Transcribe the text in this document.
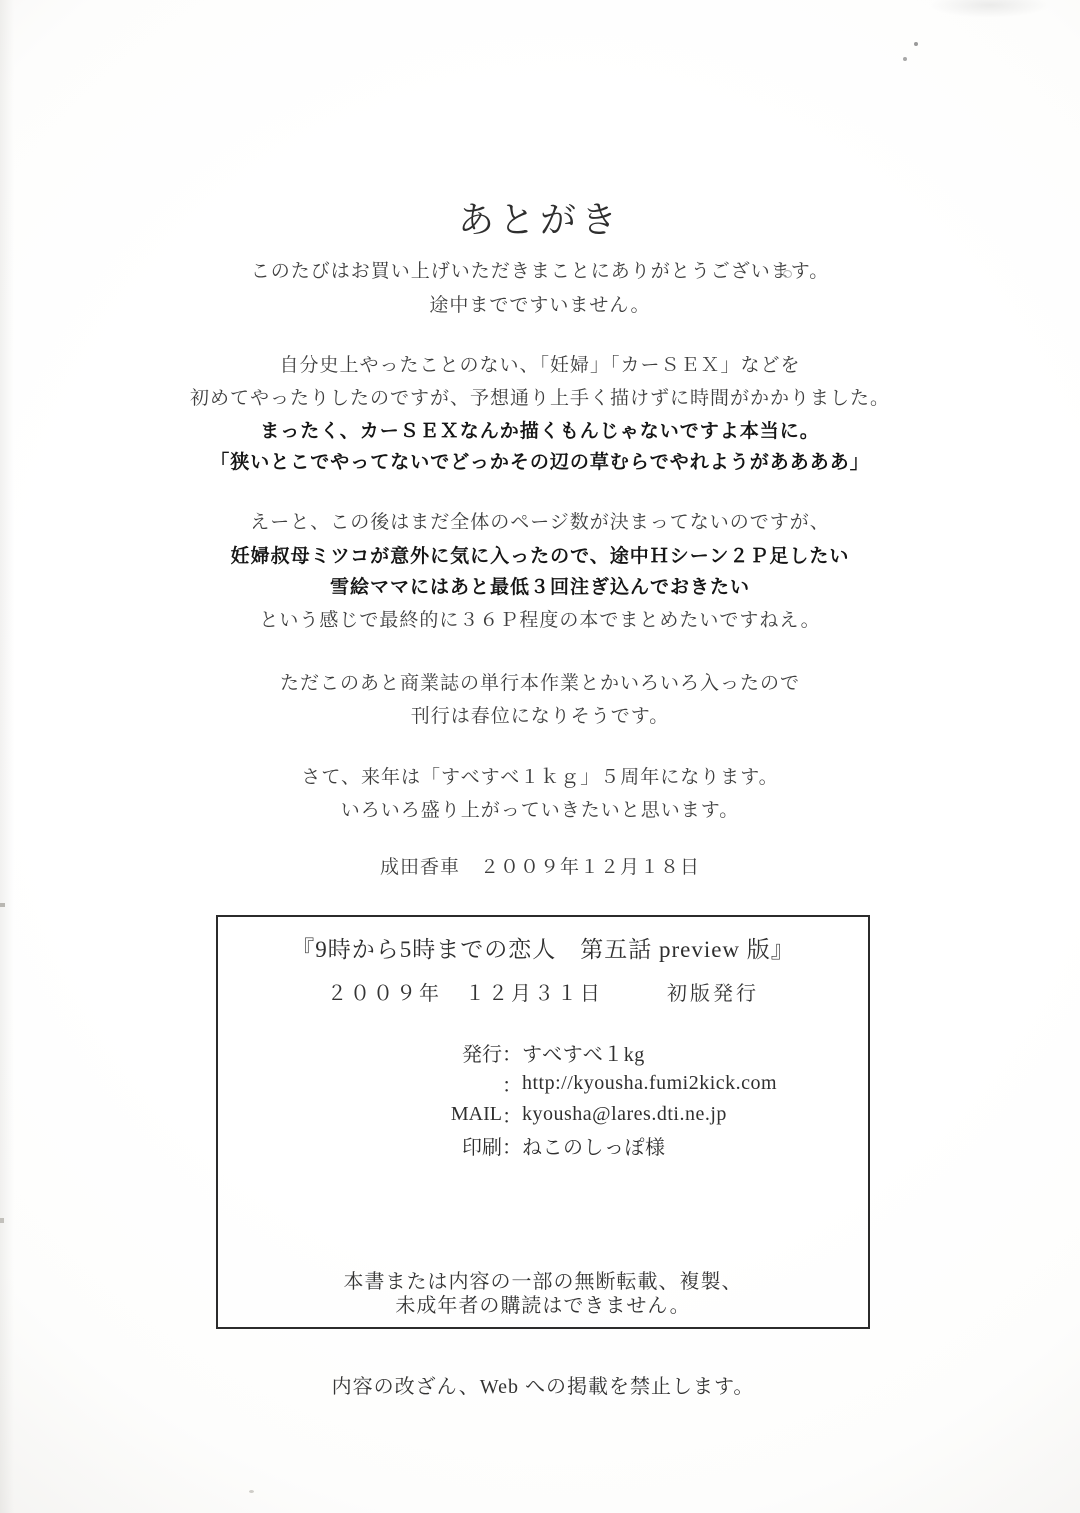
あとがき
このたびはお買い上げいただきまことにありがとうございます。
途中までですいません。
自分史上やったことのない、「妊婦」「カーＳＥＸ」などを
初めてやったりしたのですが、予想通り上手く描けずに時間がかかりました。
まったく、カーＳＥＸなんか描くもんじゃないですよ本当に。
「狭いとこでやってないでどっかその辺の草むらでやれようがああああ」
えーと、この後はまだ全体のページ数が決まってないのですが、
妊婦叔母ミツコが意外に気に入ったので、途中Ｈシーン２Ｐ足したい
雪絵ママにはあと最低３回注ぎ込んでおきたい
という感じで最終的に３６Ｐ程度の本でまとめたいですねえ。
ただこのあと商業誌の単行本作業とかいろいろ入ったので
刊行は春位になりそうです。
さて、来年は「すべすべ１ｋｇ」５周年になります。
いろいろ盛り上がっていきたいと思います。
成田香車　２００９年１２月１８日
『9時から5時までの恋人　第五話 preview 版』
２００９年　１２月３１日	初版発行
発行 ： すべすべ１kg
： http://kyousha.fumi2kick.com
MAIL ： kyousha@lares.dti.ne.jp
印刷 ： ねこのしっぽ様

本書または内容の一部の無断転載、複製、

内容の改ざん、Web への掲載を禁止します。

未成年者の購読はできません。
